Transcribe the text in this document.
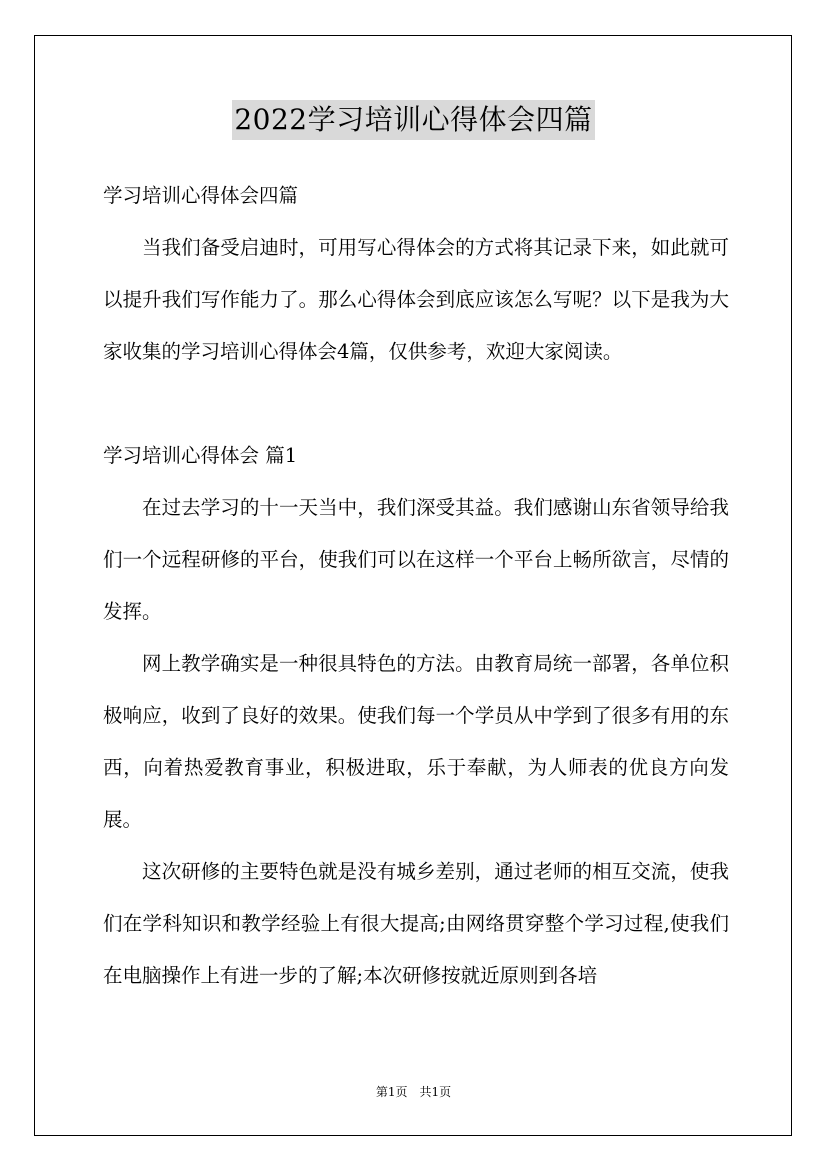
2022学习培训心得体会四篇

学习培训心得体会四篇

当我们备受启迪时，可用写心得体会的方式将其记录下来，如此就可以提升我们写作能力了。那么心得体会到底应该怎么写呢？以下是我为大家收集的学习培训心得体会4篇，仅供参考，欢迎大家阅读。

学习培训心得体会 篇1

在过去学习的十一天当中，我们深受其益。我们感谢山东省领导给我们一个远程研修的平台，使我们可以在这样一个平台上畅所欲言，尽情的发挥。

网上教学确实是一种很具特色的方法。由教育局统一部署，各单位积极响应，收到了良好的效果。使我们每一个学员从中学到了很多有用的东西，向着热爱教育事业，积极进取，乐于奉献，为人师表的优良方向发展。

这次研修的主要特色就是没有城乡差别，通过老师的相互交流，使我们在学科知识和教学经验上有很大提高;由网络贯穿整个学习过程,使我们在电脑操作上有进一步的了解;本次研修按就近原则到各培

第1页　共1页
